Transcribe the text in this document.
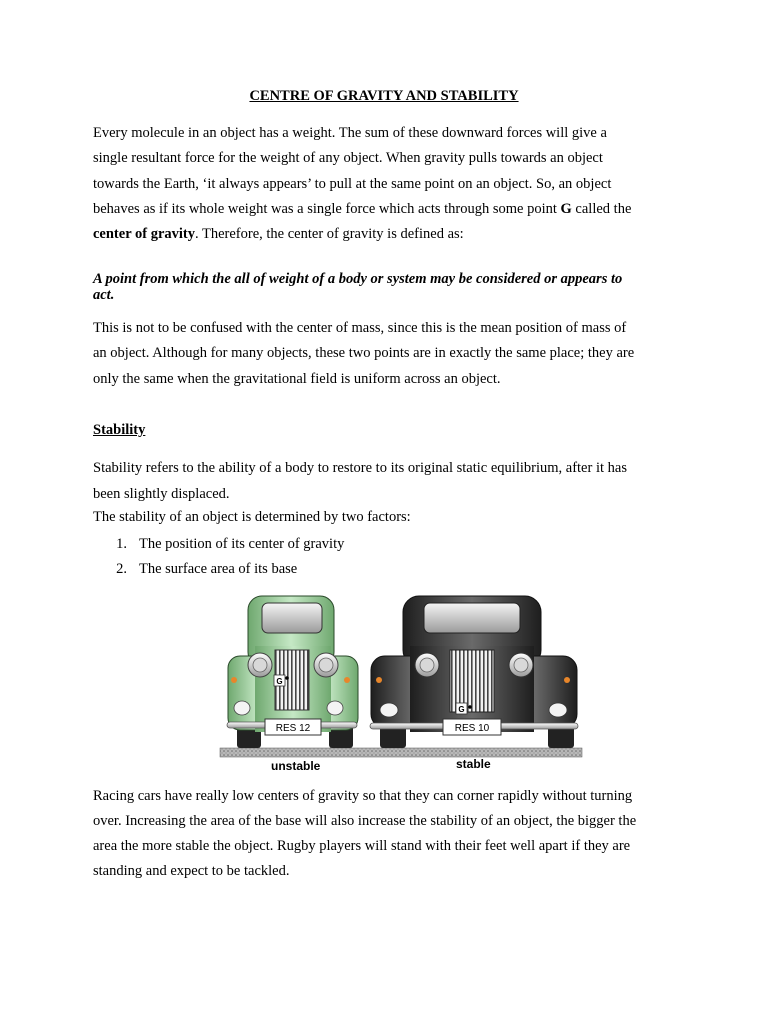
CENTRE OF GRAVITY AND STABILITY

Every molecule in an object has a weight. The sum of these downward forces will give a

single resultant force for the weight of any object. When gravity pulls towards an object

towards the Earth, ‘it always appears’ to pull at the same point on an object. So, an object

behaves as if its whole weight was a single force which acts through some point G called the

center of gravity. Therefore, the center of gravity is defined as:

A point from which the all of weight of a body or system may be considered or appears to

act.

This is not to be confused with the center of mass, since this is the mean position of mass of

an object. Although for many objects, these two points are in exactly the same place; they are

only the same when the gravitational field is uniform across an object.

Stability

Stability refers to the ability of a body to restore to its original static equilibrium, after it has

been slightly displaced.

The stability of an object is determined by two factors:

1. The position of its center of gravity
2. The surface area of its base
RES 12
G
RES 10
G
unstable	stable

Racing cars have really low centers of gravity so that they can corner rapidly without turning

over. Increasing the area of the base will also increase the stability of an object, the bigger the

area the more stable the object. Rugby players will stand with their feet well apart if they are

standing and expect to be tackled.
